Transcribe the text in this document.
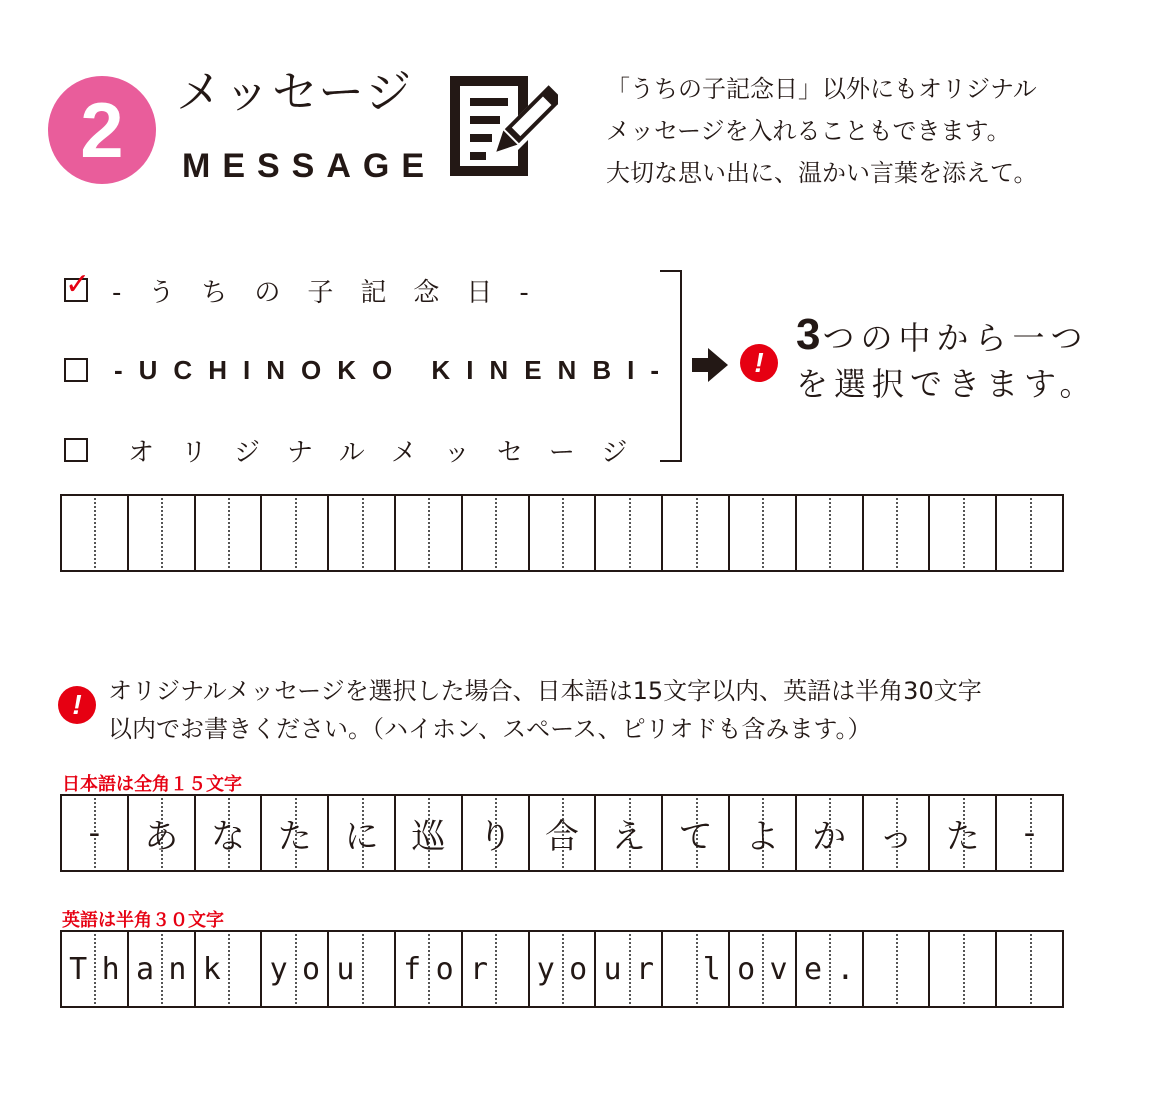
2	メッセージ
MESSAGE
「うちの子記念日」以外にもオリジナル
メッセージを入れることもできます。
大切な思い出に、温かい言葉を添えて。
✓ -うちの子記念日-
-UCHINOKO KINENBI-
オリジナルメッセージ
!
3つの中から一つ
を選択できます。
!	オリジナルメッセージを選択した場合、日本語は15文字以内、英語は半角30文字
以内でお書きください。（ハイホン、スペース、ピリオドも含みます。）
日本語は全角１５文字
-	あ な た に 巡 り 合 え て よ か っ た	-
英語は半角３０文字
T h a n k y o u f o r y o u r l o v e .
